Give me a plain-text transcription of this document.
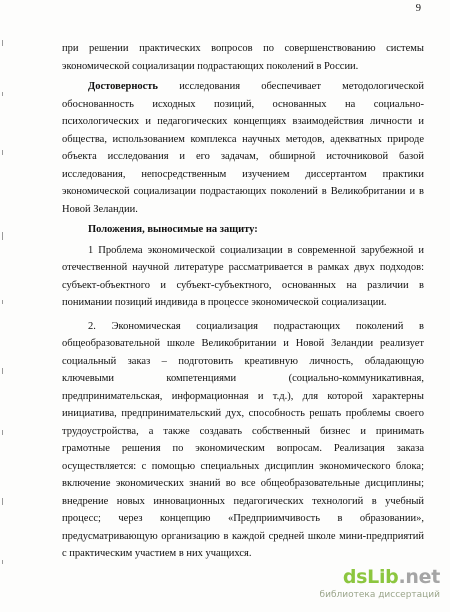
9
при решении практических вопросов по совершенствованию системы
экономической социализации подрастающих поколений в России.
Достоверность исследования обеспечивает методологической
обоснованность исходных позиций, основанных на социально-
психологических и педагогических концепциях взаимодействия личности и
общества, использованием комплекса научных методов, адекватных природе
объекта исследования и его задачам, обширной источниковой базой
исследования, непосредственным изучением диссертантом практики
экономической социализации подрастающих поколений в Великобритании и в
Новой Зеландии.
Положения, выносимые на защиту:
1 Проблема экономической социализации в современной зарубежной и
отечественной научной литературе рассматривается в рамках двух подходов:
субъект-объектного и субъект-субъектного, основанных на различии в
понимании позиций индивида в процессе экономической социализации.
2. Экономическая социализация подрастающих поколений в
общеобразовательной школе Великобритании и Новой Зеландии реализует
социальный заказ – подготовить креативную личность, обладающую
ключевыми компетенциями (социально-коммуникативная,
предпринимательская, информационная и т.д.), для которой характерны
инициатива, предпринимательский дух, способность решать проблемы своего
трудоустройства, а также создавать собственный бизнес и принимать
грамотные решения по экономическим вопросам. Реализация заказа
осуществляется: с помощью специальных дисциплин экономического блока;
включение экономических знаний во все общеобразовательные дисциплины;
внедрение новых инновационных педагогических технологий в учебный
процесс; через концепцию «Предприимчивость в образовании»,
предусматривающую организацию в каждой средней школе мини-предприятий
с практическим участием в них учащихся.
dsLib.net
библиотека диссертаций
